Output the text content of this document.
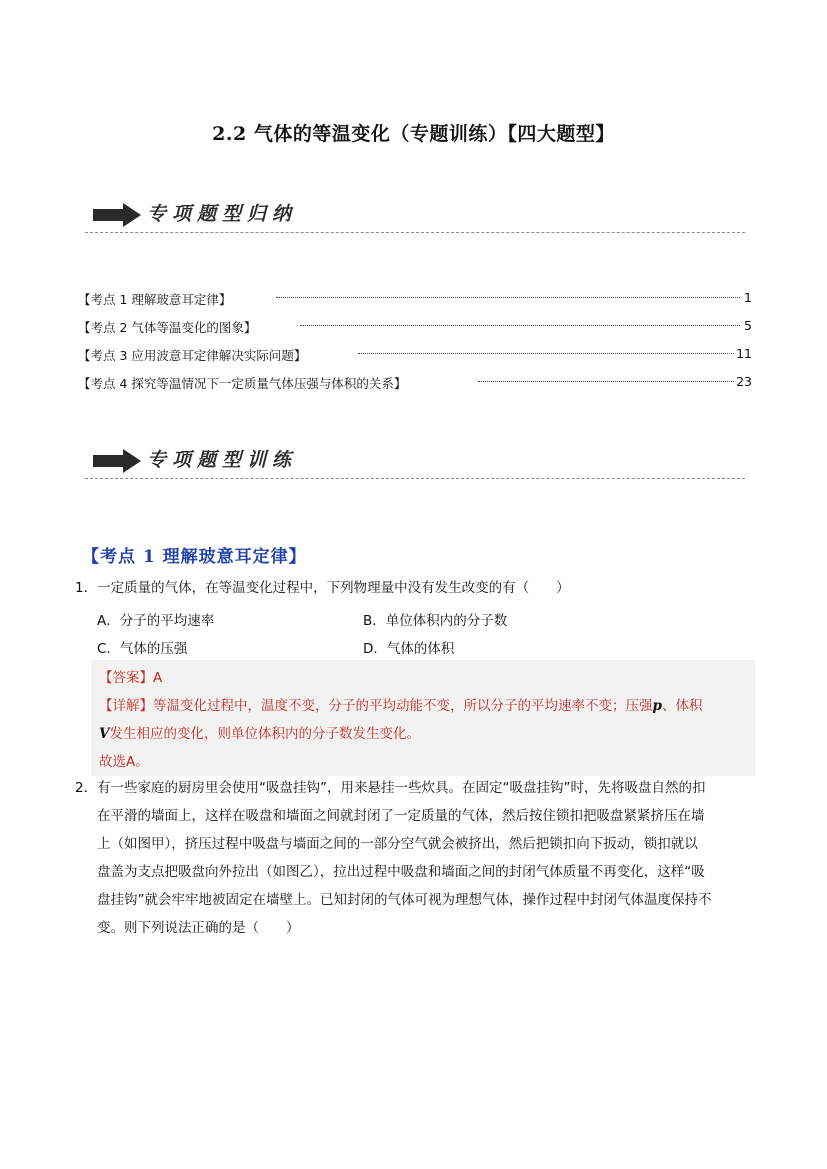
2.2 气体的等温变化（专题训练）【四大题型】
专项题型归纳
【考点 1 理解玻意耳定律】	1
【考点 2 气体等温变化的图象】	5
【考点 3 应用波意耳定律解决实际问题】	11
【考点 4 探究等温情况下一定质量气体压强与体积的关系】	23
专项题型训练
【考点 1 理解玻意耳定律】
1．一定质量的气体，在等温变化过程中，下列物理量中没有发生改变的有（　　）
A．分子的平均速率	B．单位体积内的分子数
C．气体的压强	D．气体的体积
【答案】A
【详解】等温变化过程中，温度不变，分子的平均动能不变，所以分子的平均速率不变；压强p、体积
V发生相应的变化，则单位体积内的分子数发生变化。
故选A。
2． 有一些家庭的厨房里会使用“吸盘挂钩”，用来悬挂一些炊具。在固定“吸盘挂钩”时，先将吸盘自然的扣
在平滑的墙面上，这样在吸盘和墙面之间就封闭了一定质量的气体，然后按住锁扣把吸盘紧紧挤压在墙
上（如图甲），挤压过程中吸盘与墙面之间的一部分空气就会被挤出，然后把锁扣向下扳动，锁扣就以
盘盖为支点把吸盘向外拉出（如图乙），拉出过程中吸盘和墙面之间的封闭气体质量不再变化，这样“吸
盘挂钩”就会牢牢地被固定在墙壁上。已知封闭的气体可视为理想气体，操作过程中封闭气体温度保持不
变。则下列说法正确的是（　　）
